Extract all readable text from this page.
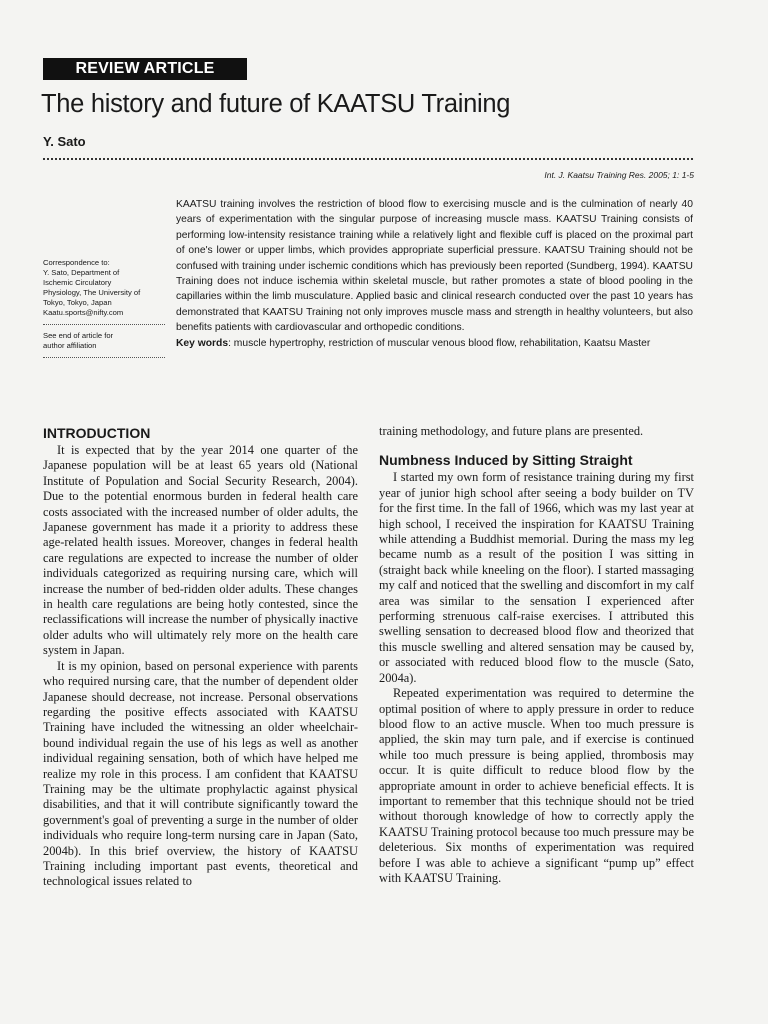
REVIEW ARTICLE
The history and future of KAATSU Training
Y. Sato
Int. J. Kaatsu Training Res. 2005; 1: 1-5
Correspondence to:
Y. Sato, Department of
Ischemic Circulatory
Physiology, The University of
Tokyo, Tokyo, Japan
Kaatu.sports@nifty.com
See end of article for
author affiliation

KAATSU training involves the restriction of blood flow to exercising muscle and is the culmination of nearly 40 years of experimentation with the singular purpose of increasing muscle mass. KAATSU Training consists of performing low-intensity resistance training while a relatively light and flexible cuff is placed on the proximal part of one's lower or upper limbs, which provides appropriate superficial pressure. KAATSU Training should not be confused with training under ischemic conditions which has previously been reported (Sundberg, 1994). KAATSU Training does not induce ischemia within skeletal muscle, but rather promotes a state of blood pooling in the capillaries within the limb musculature. Applied basic and clinical research conducted over the past 10 years has demonstrated that KAATSU Training not only improves muscle mass and strength in healthy volunteers, but also benefits patients with cardiovascular and orthopedic conditions.
Key words: muscle hypertrophy, restriction of muscular venous blood flow, rehabilitation, Kaatsu Master

INTRODUCTION

It is expected that by the year 2014 one quarter of the Japanese population will be at least 65 years old (National Institute of Population and Social Security Research, 2004). Due to the potential enormous burden in federal health care costs associated with the increased number of older adults, the Japanese government has made it a priority to address these age-related health issues. Moreover, changes in federal health care regulations are expected to increase the number of older individuals categorized as requiring nursing care, which will increase the number of bed-ridden older adults. These changes in health care regulations are being hotly contested, since the reclassifications will increase the number of physically inactive older adults who will ultimately rely more on the health care system in Japan.

It is my opinion, based on personal experience with parents who required nursing care, that the number of dependent older Japanese should decrease, not increase. Personal observations regarding the positive effects associated with KAATSU Training have included the witnessing an older wheelchair-bound individual regain the use of his legs as well as another individual regaining sensation, both of which have helped me realize my role in this process. I am confident that KAATSU Training may be the ultimate prophylactic against physical disabilities, and that it will contribute significantly toward the government's goal of preventing a surge in the number of older individuals who require long-term nursing care in Japan (Sato, 2004b). In this brief overview, the history of KAATSU Training including important past events, theoretical and technological issues related to

training methodology, and future plans are presented.

Numbness Induced by Sitting Straight

I started my own form of resistance training during my first year of junior high school after seeing a body builder on TV for the first time. In the fall of 1966, which was my last year at high school, I received the inspiration for KAATSU Training while attending a Buddhist memorial. During the mass my leg became numb as a result of the position I was sitting in (straight back while kneeling on the floor). I started massaging my calf and noticed that the swelling and discomfort in my calf area was similar to the sensation I experienced after performing strenuous calf-raise exercises. I attributed this swelling sensation to decreased blood flow and theorized that this muscle swelling and altered sensation may be caused by, or associated with reduced blood flow to the muscle (Sato, 2004a).

Repeated experimentation was required to determine the optimal position of where to apply pressure in order to reduce blood flow to an active muscle. When too much pressure is applied, the skin may turn pale, and if exercise is continued while too much pressure is being applied, thrombosis may occur. It is quite difficult to reduce blood flow by the appropriate amount in order to achieve beneficial effects. It is important to remember that this technique should not be tried without thorough knowledge of how to correctly apply the KAATSU Training protocol because too much pressure may be deleterious. Six months of experimentation was required before I was able to achieve a significant “pump up” effect with KAATSU Training.
